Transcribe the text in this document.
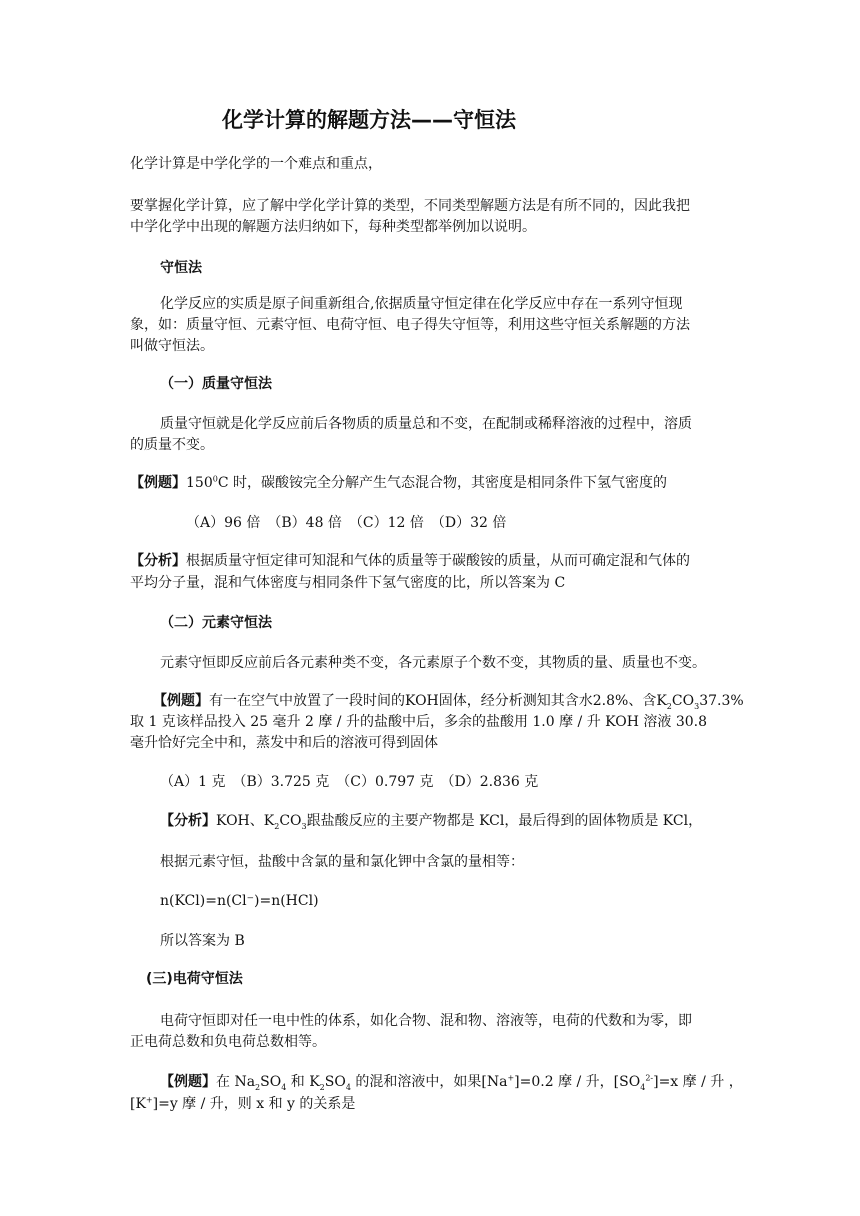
化学计算的解题方法——守恒法
化学计算是中学化学的一个难点和重点，
要掌握化学计算，应了解中学化学计算的类型，不同类型解题方法是有所不同的，因此我把
中学化学中出现的解题方法归纳如下，每种类型都举例加以说明。
守恒法
化学反应的实质是原子间重新组合,依据质量守恒定律在化学反应中存在一系列守恒现
象，如：质量守恒、元素守恒、电荷守恒、电子得失守恒等，利用这些守恒关系解题的方法
叫做守恒法。
（一）质量守恒法
质量守恒就是化学反应前后各物质的质量总和不变，在配制或稀释溶液的过程中，溶质
的质量不变。
【例题】$150^0C$ 时，碳酸铵完全分解产生气态混合物，其密度是相同条件下氢气密度的
（A）96 倍　（B）48 倍　（C）12 倍　（D）32 倍
【分析】根据质量守恒定律可知混和气体的质量等于碳酸铵的质量，从而可确定混和气体的
平均分子量，混和气体密度与相同条件下氢气密度的比，所以答案为 C
（二）元素守恒法
元素守恒即反应前后各元素种类不变，各元素原子个数不变，其物质的量、质量也不变。
【例题】有一在空气中放置了一段时间的KOH固体，经分析测知其含水2.8%、含$K_2CO_337.3\%$
取 1 克该样品投入 25 毫升 2 摩 / 升的盐酸中后，多余的盐酸用 1.0 摩 / 升 KOH 溶液 30.8
毫升恰好完全中和，蒸发中和后的溶液可得到固体
（A）1 克　（B）3.725 克　（C）0.797 克　（D）2.836 克
【分析】KOH、$K_2CO_3$跟盐酸反应的主要产物都是 KCl，最后得到的固体物质是 KCl，
根据元素守恒，盐酸中含氯的量和氯化钾中含氯的量相等：
n(KCl)=n(Cl⁻)=n(HCl)
所以答案为 B
(三)电荷守恒法
电荷守恒即对任一电中性的体系，如化合物、混和物、溶液等，电荷的代数和为零，即
正电荷总数和负电荷总数相等。
【例题】在 $Na_2SO_4$ 和 $K_2SO_4$ 的混和溶液中，如果[Na+]=0.2 摩 / 升，$[SO_4^{2-}]=x$ 摩 / 升 ，
[K+]=y 摩 / 升，则 x 和 y 的关系是
